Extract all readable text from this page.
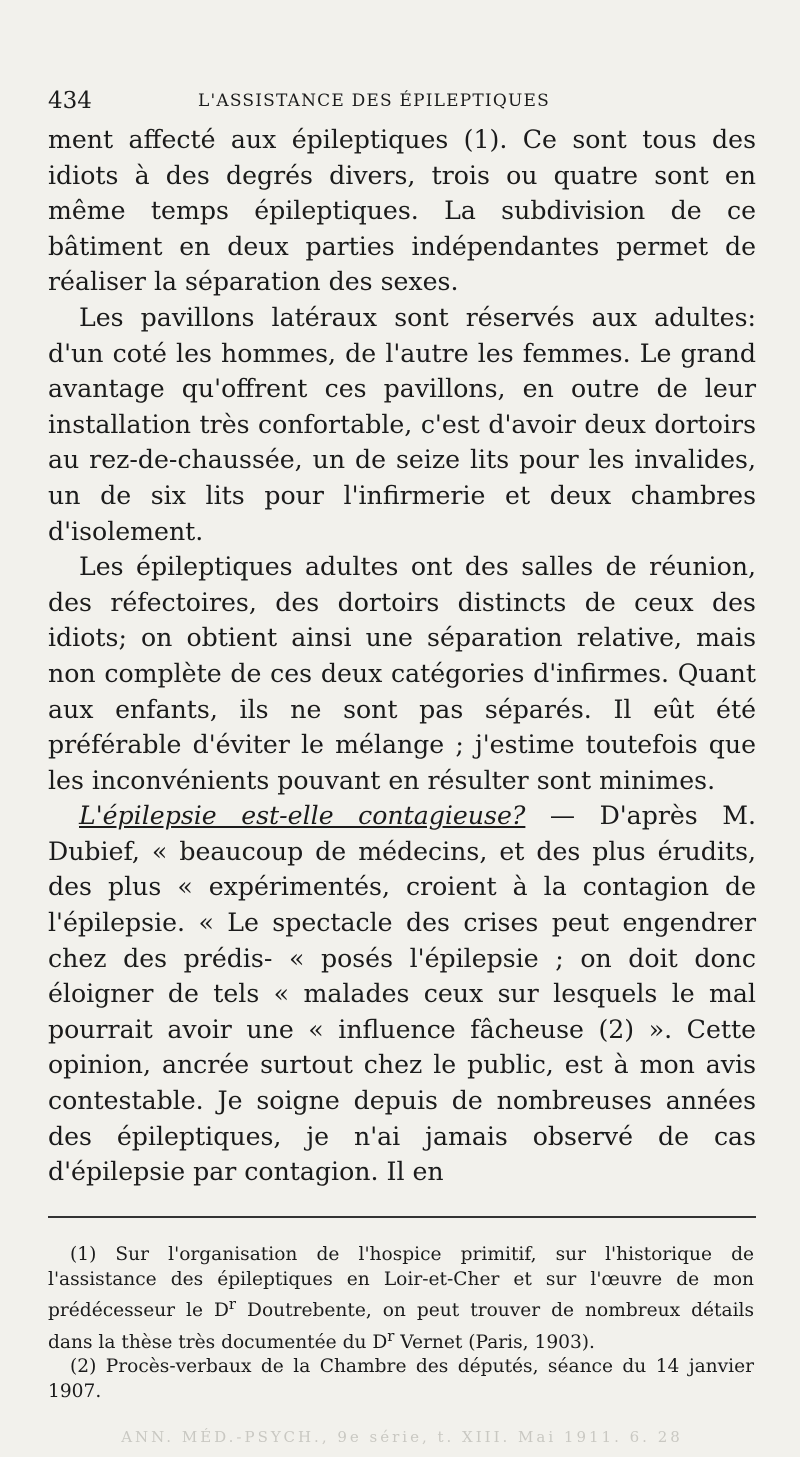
434	L'ASSISTANCE DES ÉPILEPTIQUES

ment affecté aux épileptiques (1). Ce sont tous des idiots à des degrés divers, trois ou quatre sont en même temps épileptiques. La subdivision de ce bâtiment en deux parties indépendantes permet de réaliser la séparation des sexes.

Les pavillons latéraux sont réservés aux adultes: d'un coté les hommes, de l'autre les femmes. Le grand avantage qu'offrent ces pavillons, en outre de leur installation très confortable, c'est d'avoir deux dortoirs au rez-de-chaussée, un de seize lits pour les invalides, un de six lits pour l'infirmerie et deux chambres d'isolement.

Les épileptiques adultes ont des salles de réunion, des réfectoires, des dortoirs distincts de ceux des idiots; on obtient ainsi une séparation relative, mais non complète de ces deux catégories d'infirmes. Quant aux enfants, ils ne sont pas séparés. Il eût été préférable d'éviter le mélange ; j'estime toutefois que les inconvénients pouvant en résulter sont minimes.

L'épilepsie est-elle contagieuse? — D'après M. Dubief, « beaucoup de médecins, et des plus érudits, des plus « expérimentés, croient à la contagion de l'épilepsie. « Le spectacle des crises peut engendrer chez des prédis- « posés l'épilepsie ; on doit donc éloigner de tels « malades ceux sur lesquels le mal pourrait avoir une « influence fâcheuse (2) ». Cette opinion, ancrée surtout chez le public, est à mon avis contestable. Je soigne depuis de nombreuses années des épileptiques, je n'ai jamais observé de cas d'épilepsie par contagion. Il en

(1) Sur l'organisation de l'hospice primitif, sur l'historique de l'assistance des épileptiques en Loir-et-Cher et sur l'œuvre de mon prédécesseur le $D^r$ Doutrebente, on peut trouver de nombreux détails dans la thèse très documentée du $D^r$ Vernet (Paris, 1903).

(2) Procès-verbaux de la Chambre des députés, séance du 14 janvier 1907.

ANN. MÉD.-PSYCH., 9e série, t. XIII. Mai 1911. 6. 28
